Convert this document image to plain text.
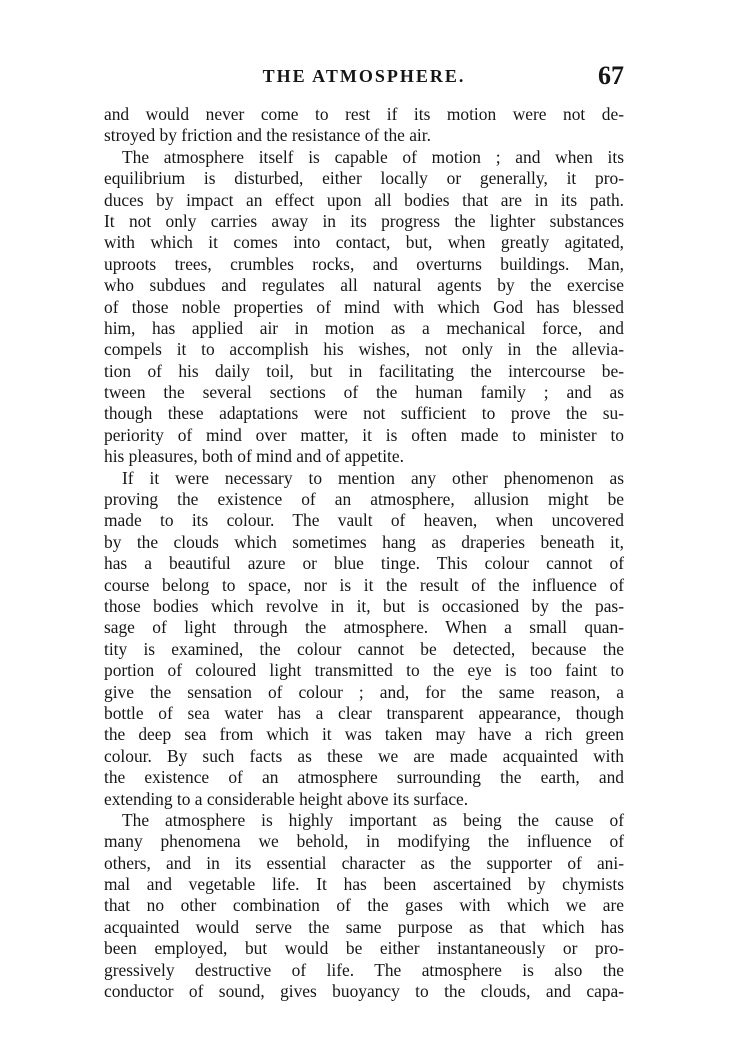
THE ATMOSPHERE.	67
and would never come to rest if its motion were not de-
stroyed by friction and the resistance of the air.
The atmosphere itself is capable of motion ; and when its
equilibrium is disturbed, either locally or generally, it pro-
duces by impact an effect upon all bodies that are in its path.
It not only carries away in its progress the lighter substances
with which it comes into contact, but, when greatly agitated,
uproots trees, crumbles rocks, and overturns buildings. Man,
who subdues and regulates all natural agents by the exercise
of those noble properties of mind with which God has blessed
him, has applied air in motion as a mechanical force, and
compels it to accomplish his wishes, not only in the allevia-
tion of his daily toil, but in facilitating the intercourse be-
tween the several sections of the human family ; and as
though these adaptations were not sufficient to prove the su-
periority of mind over matter, it is often made to minister to
his pleasures, both of mind and of appetite.
If it were necessary to mention any other phenomenon as
proving the existence of an atmosphere, allusion might be
made to its colour. The vault of heaven, when uncovered
by the clouds which sometimes hang as draperies beneath it,
has a beautiful azure or blue tinge. This colour cannot of
course belong to space, nor is it the result of the influence of
those bodies which revolve in it, but is occasioned by the pas-
sage of light through the atmosphere. When a small quan-
tity is examined, the colour cannot be detected, because the
portion of coloured light transmitted to the eye is too faint to
give the sensation of colour ; and, for the same reason, a
bottle of sea water has a clear transparent appearance, though
the deep sea from which it was taken may have a rich green
colour. By such facts as these we are made acquainted with
the existence of an atmosphere surrounding the earth, and
extending to a considerable height above its surface.
The atmosphere is highly important as being the cause of
many phenomena we behold, in modifying the influence of
others, and in its essential character as the supporter of ani-
mal and vegetable life. It has been ascertained by chymists
that no other combination of the gases with which we are
acquainted would serve the same purpose as that which has
been employed, but would be either instantaneously or pro-
gressively destructive of life. The atmosphere is also the
conductor of sound, gives buoyancy to the clouds, and capa-
